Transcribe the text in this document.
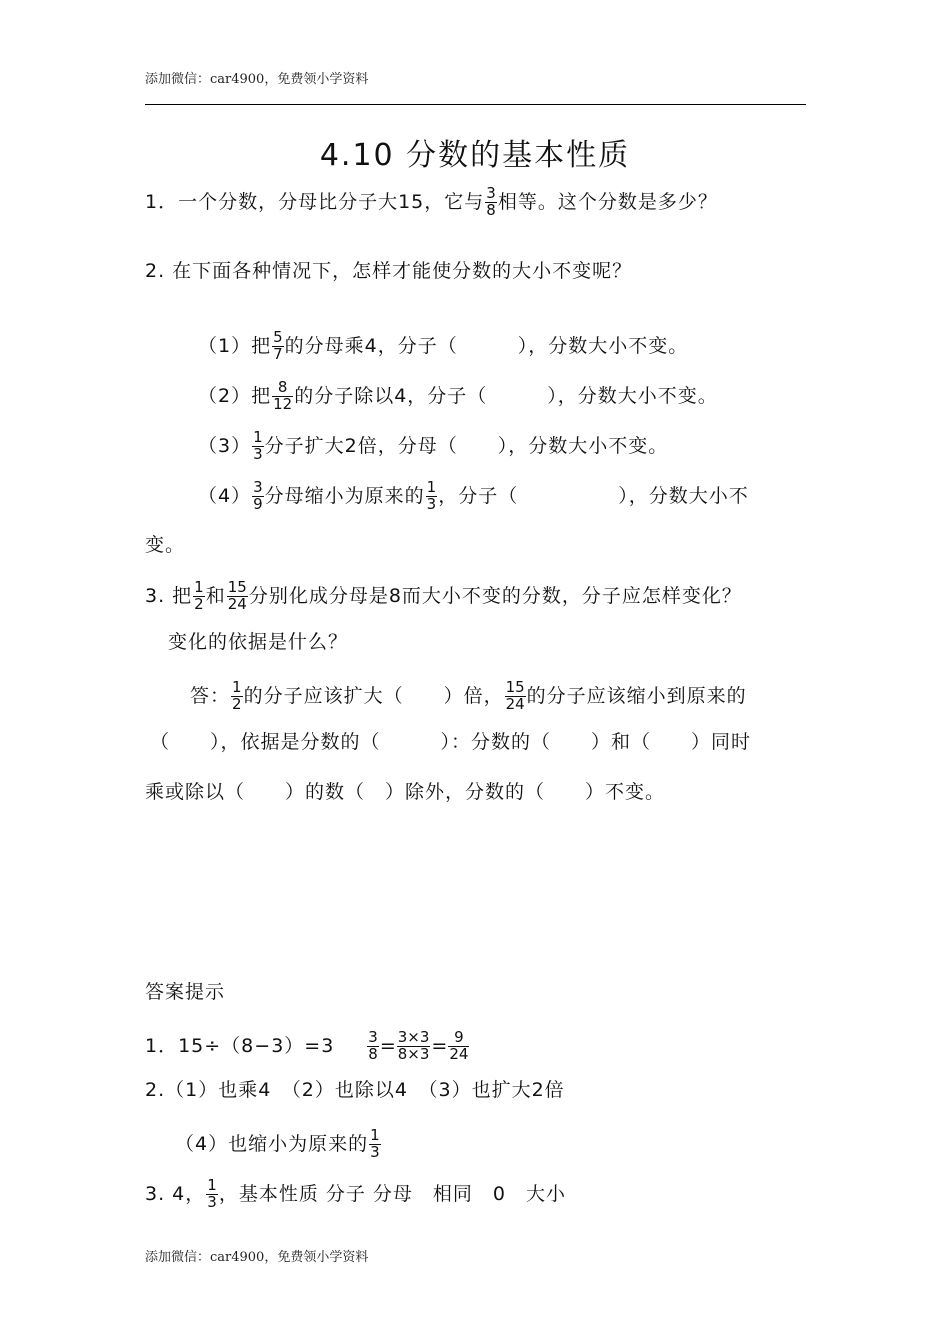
添加微信：car4900，免费领小学资料
4.10 分数的基本性质
1．一个分数，分母比分子大15，它与 $\frac{3}{8}$ 相等。这个分数是多少？
2. 在下面各种情况下，怎样才能使分数的大小不变呢？
（1）把 $\frac{5}{7}$ 的分母乘4，分子（　　　），分数大小不变。
（2）把 $\frac{8}{12}$ 的分子除以4，分子（　　　），分数大小不变。
$(3) \frac{1}{3}$ 分子扩大2倍，分母（　　），分数大小不变。
$(4) \frac{3}{9}$ 分母缩小为原来的 $\frac{1}{3}$ ，分子（　　　　　），分数大小不
变。
3. 把 $\frac{1}{2}$ 和 $\frac{15}{24}$ 分别化成分母是8而大小不变的分数，分子应怎样变化？
变化的依据是什么？
答： $\frac{1}{2}$ 的分子应该扩大（　　）倍， $\frac{15}{24}$ 的分子应该缩小到原来的
（　　），依据是分数的（　　　）：分数的（　　）和（　　）同时
乘或除以（　　）的数（　）除外，分数的（　　）不变。
答案提示
1．$15\div(8-3)=3 \frac{3}{8} = \frac{3\times 3}{8\times 3} = \frac{9}{24}$
2.（1）也乘4　（2）也除以4　（3）也扩大2倍
（4）也缩小为原来的 $\frac{1}{3}$
3. 4， $\frac{1}{3}$ ，基本性质 分子 分母　相同　0　大小
添加微信：car4900，免费领小学资料
